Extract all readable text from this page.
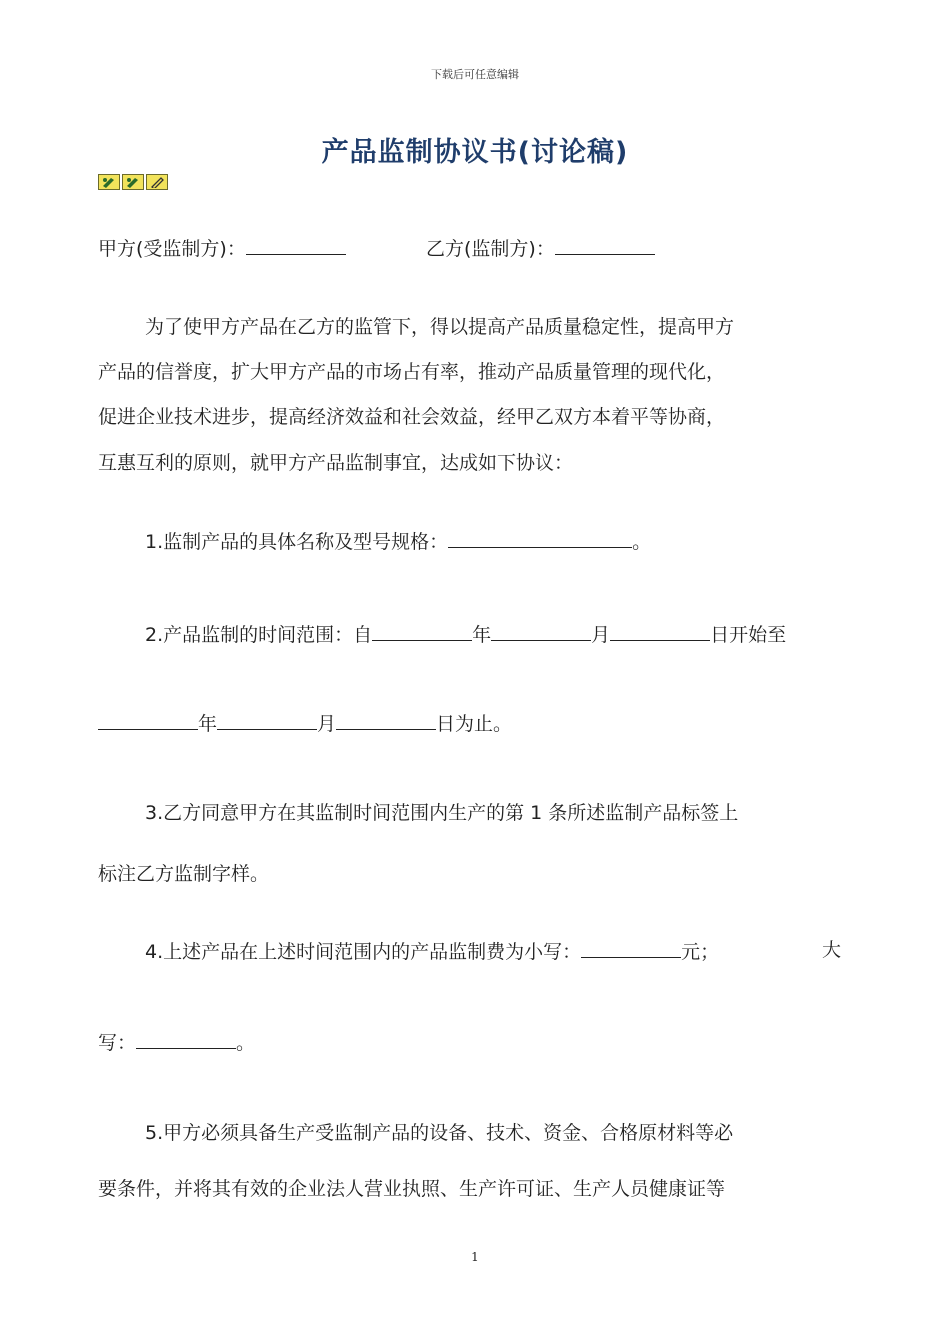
下载后可任意编辑
产品监制协议书(讨论稿)
甲方(受监制方)：	乙方(监制方)：
为了使甲方产品在乙方的监管下，得以提高产品质量稳定性，提高甲方
产品的信誉度，扩大甲方产品的市场占有率，推动产品质量管理的现代化，
促进企业技术进步，提高经济效益和社会效益，经甲乙双方本着平等协商，
互惠互利的原则，就甲方产品监制事宜，达成如下协议：
1.监制产品的具体名称及型号规格：	。
2.产品监制的时间范围：自	年	月	日开始至
年	月	日为止。
3.乙方同意甲方在其监制时间范围内生产的第 1 条所述监制产品标签上
标注乙方监制字样。
4.上述产品在上述时间范围内的产品监制费为小写：	元；	大
写：	。
5.甲方必须具备生产受监制产品的设备、技术、资金、合格原材料等必
要条件，并将其有效的企业法人营业执照、生产许可证、生产人员健康证等
1
